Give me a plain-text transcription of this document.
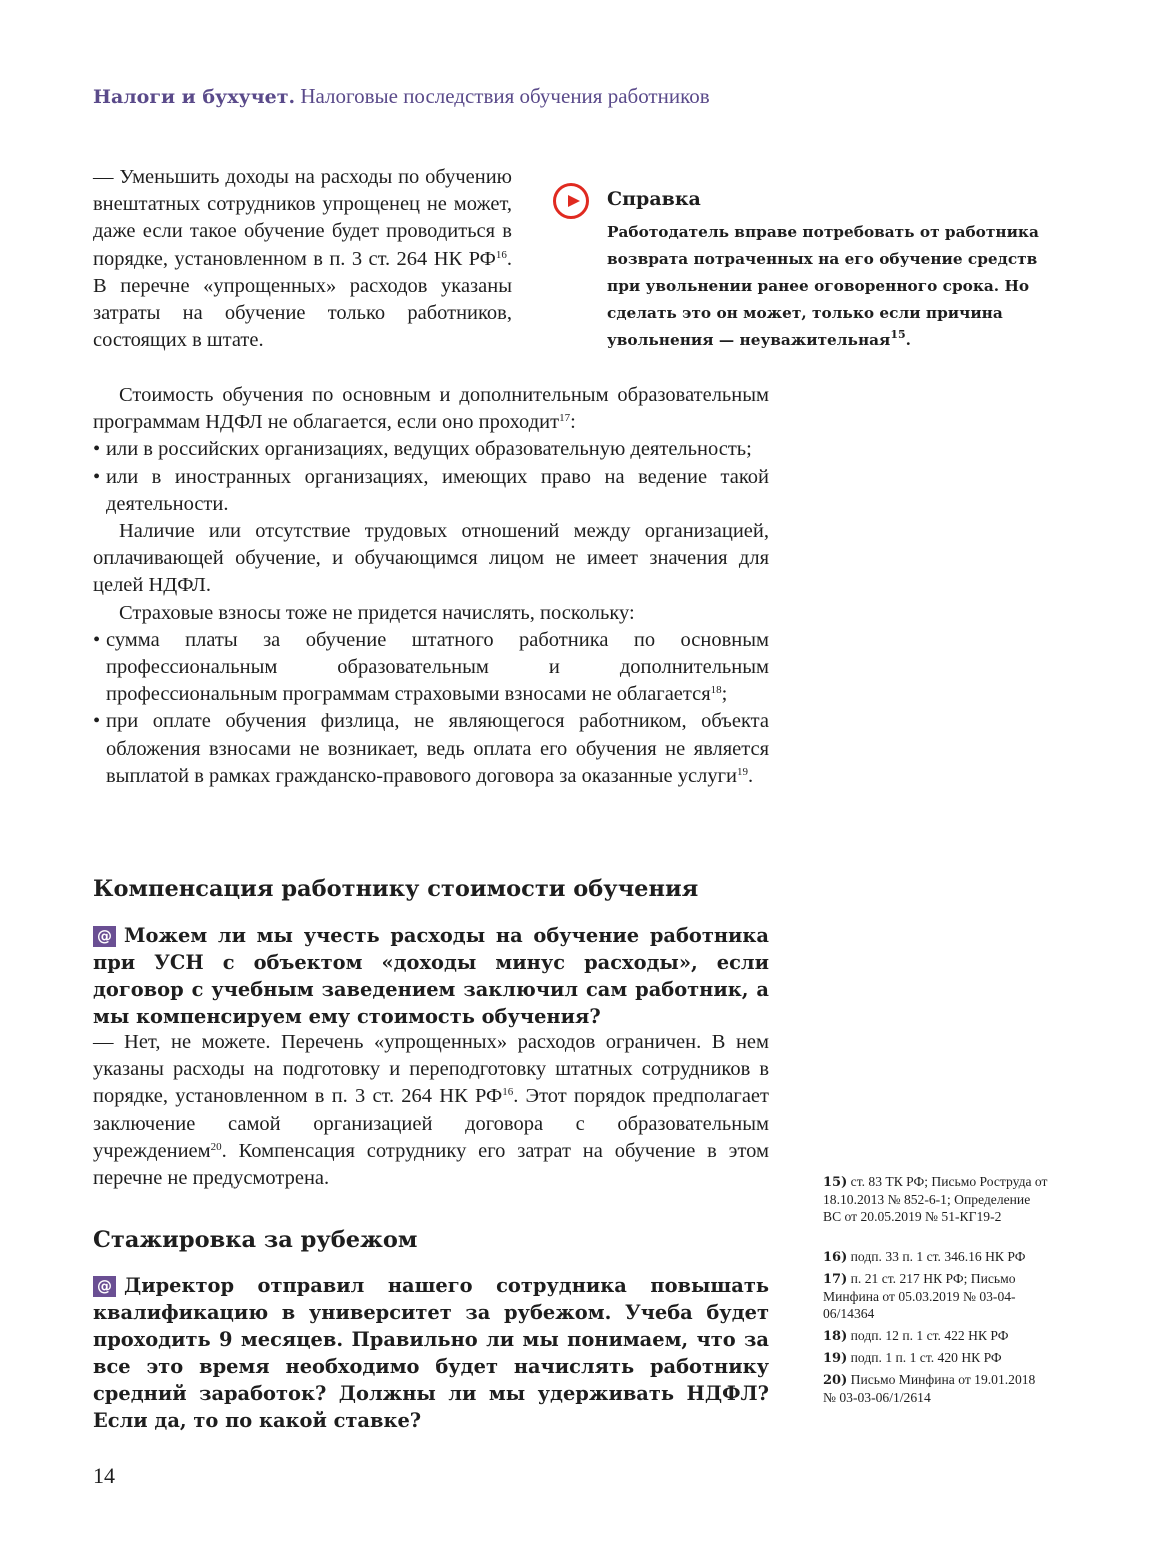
Налоги и бухучет. Налоговые последствия обучения работников

— Уменьшить доходы на расходы по обучению внештатных сотрудников упрощенец не может, даже если такое обучение будет проводиться в порядке, установленном в п. 3 ст. 264 НК РФ$^{16}$. В перечне «упрощенных» расходов указаны затраты на обучение только работников, состоящих в штате.

Справка
Работодатель вправе потребовать от работника возврата потраченных на его обучение средств при увольнении ранее оговоренного срока. Но сделать это он может, только если причина увольнения — неуважительная$^{15}$.

Стоимость обучения по основным и дополнительным образовательным программам НДФЛ не облагается, если оно проходит$^{17}$:

• или в российских организациях, ведущих образовательную деятельность;

• или в иностранных организациях, имеющих право на ведение такой деятельности.

Наличие или отсутствие трудовых отношений между организацией, оплачивающей обучение, и обучающимся лицом не имеет значения для целей НДФЛ.

Страховые взносы тоже не придется начислять, поскольку:

• сумма платы за обучение штатного работника по основным профессиональным образовательным и дополнительным профессиональным программам страховыми взносами не облагается$^{18}$;

• при оплате обучения физлица, не являющегося работником, объекта обложения взносами не возникает, ведь оплата его обучения не является выплатой в рамках гражданско-правового договора за оказанные услуги$^{19}$.

Компенсация работнику стоимости обучения
@ Можем ли мы учесть расходы на обучение работника при УСН с объектом «доходы минус расходы», если договор с учебным заведением заключил сам работник, а мы компенсируем ему стоимость обучения?

— Нет, не можете. Перечень «упрощенных» расходов ограничен. В нем указаны расходы на подготовку и переподготовку штатных сотрудников в порядке, установленном в п. 3 ст. 264 НК РФ$^{16}$. Этот порядок предполагает заключение самой организацией договора с образовательным учреждением$^{20}$. Компенсация сотруднику его затрат на обучение в этом перечне не предусмотрена.

Стажировка за рубежом
@ Директор отправил нашего сотрудника повышать квалификацию в университет за рубежом. Учеба будет проходить 9 месяцев. Правильно ли мы понимаем, что за все это время необходимо будет начислять работнику средний заработок? Должны ли мы удерживать НДФЛ? Если да, то по какой ставке?
15) ст. 83 ТК РФ; Письмо Роструда от 18.10.2013 № 852-6-1; Определение ВС от 20.05.2019 № 51-КГ19-2
16) подп. 33 п. 1 ст. 346.16 НК РФ
17) п. 21 ст. 217 НК РФ; Письмо Минфина от 05.03.2019 № 03-04-06/14364
18) подп. 12 п. 1 ст. 422 НК РФ
19) подп. 1 п. 1 ст. 420 НК РФ
20) Письмо Минфина от 19.01.2018 № 03-03-06/1/2614
14
